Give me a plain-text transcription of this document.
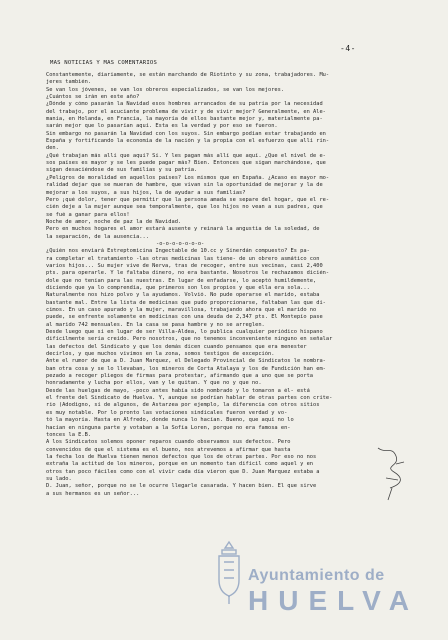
-4-
MAS NOTICIAS Y MAS COMENTARIOS
Constantemente, diariamente, se están marchando de Riotinto y su zona, trabajadores. Mu-
jeres también.
Se van los jóvenes, se van los obreros especializados, se van los mejores.
¿Cuántos se irán en este año?
¿Dónde y cómo pasarán la Navidad esos hombres arrancados de su patria por la necesidad
del trabajo, por el acuciante problema de vivir y de vivir mejor? Generalmente, en Ale-
mania, en Holanda, en Francia, la mayoría de ellos bastante mejor y, materialmente pa-
sarán mejor que lo pasarían aquí. Esta es la verdad y por eso se fueron.
Sin embargo no pasarán la Navidad con los suyos. Sin embargo podían estar trabajando en
España y fortificando la economía de la nación y la propia con el esfuerzo que allí rin-
den.
¿Qué trabajan más allí que aquí? Sí. Y les pagan más allí que aquí. ¿Que el nivel de e-
sos países es mayor y se les puede pagar más? Bien. Entonces que sigan marchándose, que
sigan desaciéndose de sus familias y su patria.
¿Peligros de moralidad en aquellos países? Los mismos que en España. ¿Acaso es mayor mo-
ralidad dejar que se mueran de hambre, que vivan sin la oportunidad de mejorar y la de
mejorar a los suyos, a sus hijos, la de ayudar a sus familias?
Pero ¡qué dolor, tener que permitir que la persona amada se separe del hogar, que el re-
cién deje a la mujer aunque sea temporalmente, que los hijos no vean a sus padres, que
se fué a ganar para ellos!
Noche de amor, noche de paz la de Navidad.
Pero en muchos hogares el amor estará ausente y reinará la angustia de la soledad, de
la separación, de la ausencia...
-o-o-o-o-o-o-o-
¿Quién nos enviará Estreptomicina Ingectable de 10.cc y Sinerdán compuesto? Es pa-
ra completar el tratamiento -las otras medicinas las tiene- de un obrero asmático con
varios hijos... Su mujer vive de Nerva, tras de recoger, entre sus vecinas, casi 2,400
pts. para operarle. Y le faltaba dinero, no era bastante. Nosotros le rechazamos dicién-
dole que no tenían para las nuestras. En lugar de enfadarse, lo aceptó humildemente,
diciendo que ya lo comprendía, que primeros son los propios y que ella era sola...
Naturalmente nos hizo polvo y la ayudamos. Volvió. No pude operarse el marido, estaba
bastante mal. Entre la lista de medicinas que pudo proporcionarse, faltaban las que di-
cimos. En un caso apurado y la mujer, maravillosa, trabajando ahora que el marido no
puede, se enfrente solamente en medicinas con una deuda de 2,347 pts. El Montepío pase
al marido 742 mensuales. En la casa se pasa hambre y no se arreglen.
Desde luego que si en lugar de ser Villa-Aldea, lo publica cualquier periódico hispano
dificilmente sería creido. Pero nosotros, que no tenemos inconveniente ninguno en señalar
las defectos del Sindicato y que los demás dicen cuando pensamos que era menester
decirlos, y que muchos vivimos en la zona, somos testigos de excepción.
Ante el rumor de que a D. Juan Marquez, el Delegado Provincial de Sindicatos le nombra-
ban otra cosa y se lo llevaban, los mineros de Corta Atalaya y los de Fundición han em-
pezado a recoger pliegos de firmas para protestar, afirmando que a uno que se porta
honradamente y lucha por ellos, van y le quitan. Y que no y que no.
Desde las huelgas de mayo, -poco antes había sido nombrado y lo tomaron a él- está
el frente del Sindicato de Huelva. Y, aunque se podrían hablar de otras partes con crite-
rio (Adodigno, sí de algunos, de Astarzea por ejemplo, la diferencia con otros sitios
es muy notable. Por lo pronto las votaciones sindicales fueron verdad y vo-
tó la mayoría. Hasta en Alfredo, donde nunca lo hacían. Bueno, que aquí no lo
hacían en ninguna parte y votaban a la Sofía Loren, porque no era famosa en-
tonces la E.B.
A los Sindicatos solemos oponer reparos cuando observamos sus defectos. Pero
convencidos de que el sistema es el bueno, nos atrevemos a afirmar que hasta
la fecha los de Huelva tienen menos defectos que los de otras partes. Por eso no nos
extraña la actitud de los mineros, porque en un momento tan difícil como aquel y en
otros tan poco fáciles como con el vivir cada día vieron que D. Juan Marquez estaba a
su lado.
D. Juan, señor, porque no se le ocurre llegarle casarada. Y hacen bien. El que sirve
a sus hermanos es un señor...
Ayuntamiento de
HUELVA
